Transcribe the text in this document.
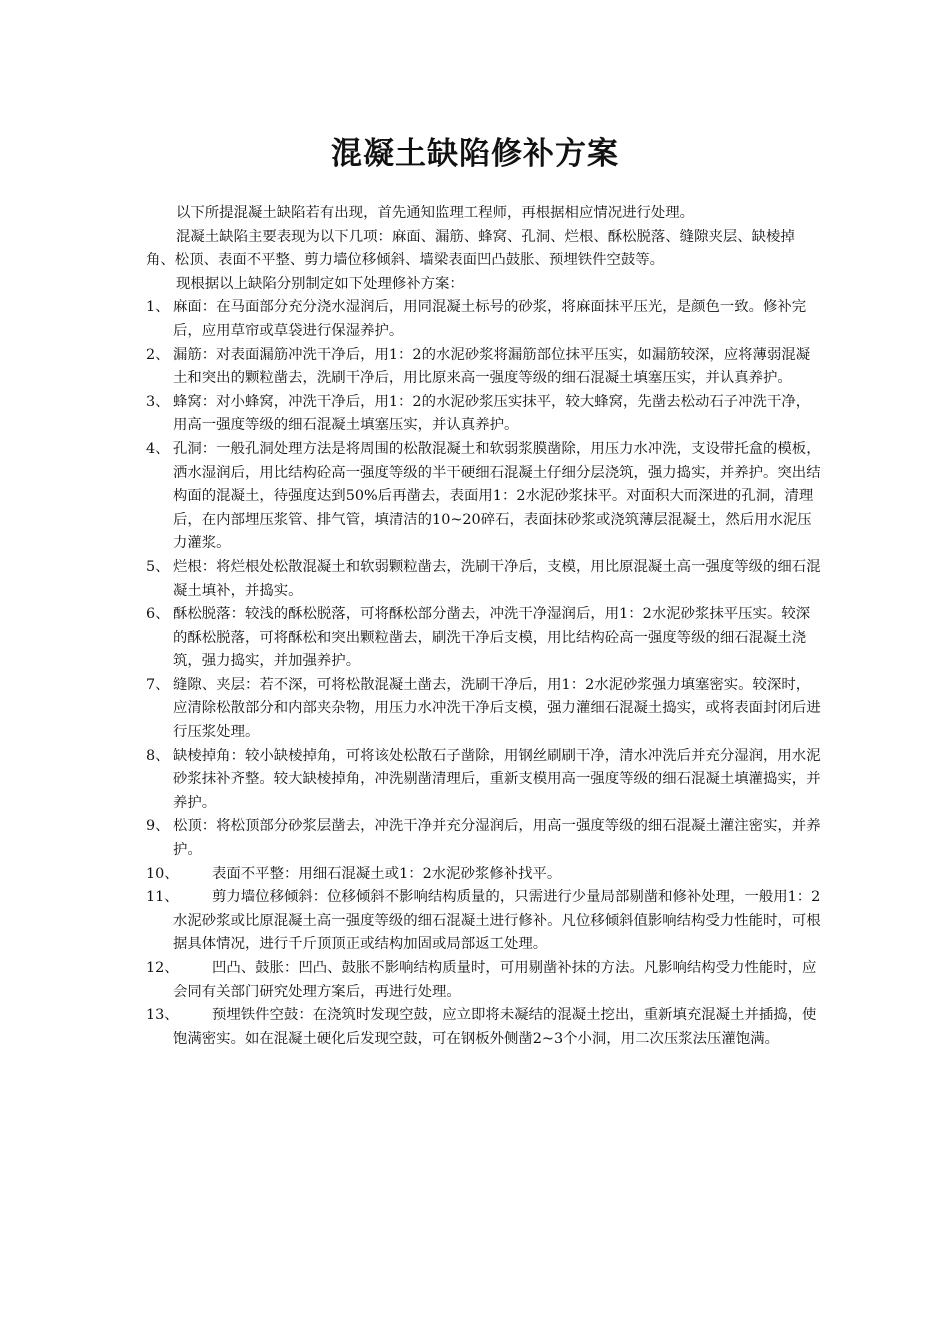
混凝土缺陷修补方案

以下所提混凝土缺陷若有出现，首先通知监理工程师，再根据相应情况进行处理。

混凝土缺陷主要表现为以下几项：麻面、漏筋、蜂窝、孔洞、烂根、酥松脱落、缝隙夹层、缺棱掉角、松顶、表面不平整、剪力墙位移倾斜、墙梁表面凹凸鼓胀、预埋铁件空鼓等。

现根据以上缺陷分别制定如下处理修补方案：

1、 麻面：在马面部分充分浇水湿润后，用同混凝土标号的砂浆，将麻面抹平压光，是颜色一致。修补完后，应用草帘或草袋进行保湿养护。
2、 漏筋：对表面漏筋冲洗干净后，用1：2的水泥砂浆将漏筋部位抹平压实，如漏筋较深，应将薄弱混凝土和突出的颗粒凿去，洗刷干净后，用比原来高一强度等级的细石混凝土填塞压实，并认真养护。
3、 蜂窝：对小蜂窝，冲洗干净后，用1：2的水泥砂浆压实抹平，较大蜂窝，先凿去松动石子冲洗干净，用高一强度等级的细石混凝土填塞压实，并认真养护。
4、 孔洞：一般孔洞处理方法是将周围的松散混凝土和软弱浆膜凿除，用压力水冲洗，支设带托盒的模板，洒水湿润后，用比结构砼高一强度等级的半干硬细石混凝土仔细分层浇筑，强力捣实，并养护。突出结构面的混凝土，待强度达到50%后再凿去，表面用1：2水泥砂浆抹平。对面积大而深进的孔洞，清理后，在内部埋压浆管、排气管，填清洁的10~20碎石，表面抹砂浆或浇筑薄层混凝土，然后用水泥压力灌浆。
5、 烂根：将烂根处松散混凝土和软弱颗粒凿去，洗刷干净后，支模，用比原混凝土高一强度等级的细石混凝土填补，并捣实。
6、 酥松脱落：较浅的酥松脱落，可将酥松部分凿去，冲洗干净湿润后，用1：2水泥砂浆抹平压实。较深的酥松脱落，可将酥松和突出颗粒凿去，刷洗干净后支模，用比结构砼高一强度等级的细石混凝土浇筑，强力捣实，并加强养护。
7、 缝隙、夹层：若不深，可将松散混凝土凿去，洗刷干净后，用1：2水泥砂浆强力填塞密实。较深时，应清除松散部分和内部夹杂物，用压力水冲洗干净后支模，强力灌细石混凝土捣实，或将表面封闭后进行压浆处理。
8、 缺棱掉角：较小缺棱掉角，可将该处松散石子凿除，用钢丝刷刷干净，清水冲洗后并充分湿润，用水泥砂浆抹补齐整。较大缺棱掉角，冲洗剔凿清理后，重新支模用高一强度等级的细石混凝土填灌捣实，并养护。
9、 松顶：将松顶部分砂浆层凿去，冲洗干净并充分湿润后，用高一强度等级的细石混凝土灌注密实，并养护。
10、 表面不平整：用细石混凝土或1：2水泥砂浆修补找平。
11、 剪力墙位移倾斜：位移倾斜不影响结构质量的，只需进行少量局部剔凿和修补处理，一般用1：2水泥砂浆或比原混凝土高一强度等级的细石混凝土进行修补。凡位移倾斜值影响结构受力性能时，可根据具体情况，进行千斤顶顶正或结构加固或局部返工处理。
12、 凹凸、鼓胀：凹凸、鼓胀不影响结构质量时，可用剔凿补抹的方法。凡影响结构受力性能时，应会同有关部门研究处理方案后，再进行处理。
13、 预埋铁件空鼓：在浇筑时发现空鼓，应立即将未凝结的混凝土挖出，重新填充混凝土并插捣，使饱满密实。如在混凝土硬化后发现空鼓，可在钢板外侧凿2~3个小洞，用二次压浆法压灌饱满。
